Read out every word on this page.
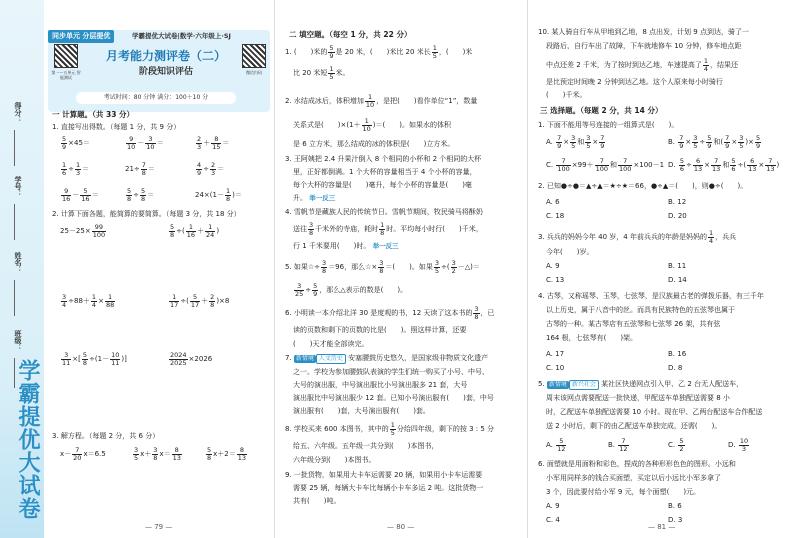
得分：
学号：
姓名：
班级：
学霸提优大试卷
同步单元 分层提优	学霸提优大试卷|数学·六年级上·SJ
第一～五单元 智能测试
微信扫码
月考能力测评卷（二）
阶段知识评估
考试时间：80 分钟 满分：100＋10 分
一 计算题。（共 33 分）
1. 直接写出得数。（每题 1 分，共 9 分）
$\frac{5}{9} \times 45=$	$\frac{9}{10} - \frac{3}{10}$ ＝	$\frac{2}{3} + \frac{8}{15}$ ＝
$\frac{1}{6} \div \frac{1}{3}$ ＝	$21\div \frac{7}{8}$ ＝	$\frac{4}{9} \div \frac{2}{3}$ ＝
$\frac{9}{16} - \frac{5}{16}$ ＝	$\frac{5}{8} \div \frac{5}{8}$ ＝	$24\times(1- \frac{1}{8}$ )＝
2. 计算下面各题，能简算的要简算。（每题 3 分，共 18 分）
$25-25\times \frac{99}{100}$	$\frac{5}{8}$ ÷( $\frac{1}{16} + \frac{1}{24}$ )
$\frac{3}{4} \div 88+ \frac{1}{4} \times \frac{1}{88}$	$\frac{1}{17}$ ÷( $\frac{5}{17} + \frac{2}{8} )\times 8$
$\frac{3}{11}$ ×[ $\frac{5}{8} \div(1- \frac{10}{11}$ )]	$\frac{2024}{2025} \times 2026$
3. 解方程。（每题 2 分，共 6 分）
$x- \frac{7}{20} x=6.5$	$\frac{3}{5} x+ \frac{3}{8} x= \frac{8}{13}$	$\frac{5}{8} x+2= \frac{8}{13}$
— 79 —
二 填空题。（每空 1 分，共 22 分）
1. (　　)米的 $\frac{5}{9}$ 是 20 米，(　　)米比 20 米长 $\frac{1}{5}$ ，(　　)米
比 20 米短 $\frac{1}{5}$ 米。
2. 水结成冰后，体积增加 $\frac{1}{10}$ ，是把(　　)看作单位“1”，数量
关系式是(　　)$\times(1+ \frac{1}{10}$ )＝(　　)。如果水的体积
是 6 立方米，那么结成的冰的体积是(　　)立方米。
3. 王阿姨把 2.4 升果汁倒入 8 个相同的小杯和 2 个相同的大杯
里，正好都倒满。1 个大杯的容量相当于 4 个小杯的容量，
每个大杯的容量是(　　)毫升，每个小杯的容量是(　　)毫
升。 举一反三
4. 雪帆节是藏族人民的传统节日。雪帆节期间，牧民骑马将酥奶
送往 $\frac{3}{8}$ 千米外的寺庙，耗时 $\frac{1}{8}$ 时。平均每小时行(　　)千米，
行 1 千米要用(　　)时。 举一反三
5. 如果☆÷ $\frac{3}{8} =96$，那么☆× $\frac{3}{8}$ ＝(　　)。如果 $\frac{3}{5}$ ÷( $\frac{3}{2}$ －△)＝
$\frac{3}{25} \div \frac{5}{9}$ ，那么△表示的数是(　　)。
6. 小明读一本介绍北洋 30 是度观的书，12 天读了这本书的 $\frac{3}{8}$ ，已
读的页数和剩下的页数的比是(　　)。照这样计算，还要
(　　)天才能全部读完。
7. 新情境 人文历史 安塞腰鼓历史悠久，是国家级非物质文化遗产
之一。学校为参加腰鼓队表演的学生们统一购买了小号、中号、
大号的演出服，中号演出服比小号演出服多 21 套，大号
演出服比中号演出服少 12 套。已知小号演出服有(　　)套，中号
演出服有(　　)套，大号演出服有(　　)套。
8. 学校买来 600 本图书，其中的 $\frac{1}{5}$ 分给四年级，剩下的按 3 : 5 分
给五、六年级。五年级一共分到(　　)本图书，
六年级分到(　　)本图书。
9. 一批货物，如果用大卡车运需要 20 辆，如果用小卡车运需要
需要 25 辆，每辆大卡车比每辆小卡车多运 2 吨。这批货物一
共有(　　)吨。
— 80 —
10. 某人骑自行车从甲地到乙地，8 点出发，计划 9 点到达，骑了一
段路后，自行车出了故障，下车就地修车 10 分钟，修车地点距
中点还差 2 千米，为了按时到达乙地，车速提高了 $\frac{1}{4}$ ，结果还
是比预定时间晚 2 分钟到达乙地。这个人原来每小时骑行
(　　)千米。
三 选择题。（每题 2 分，共 14 分）
1. 下面不能用等号连接的一组算式是(　　)。
A. $\frac{7}{9} \times \frac{3}{5}$ 和 $\frac{3}{5} \times \frac{7}{9}$	B. $\frac{7}{9} \times \frac{3}{5} \div \frac{5}{9}$ 和( $\frac{7}{9} \times \frac{3}{5}$ )× $\frac{5}{9}$
C. $\frac{7}{100} \times 99+ \frac{7}{100}$ 和 $\frac{7}{100} \times 100-1$ D. $\frac{5}{6} \div \frac{6}{13} \times \frac{7}{13}$ 和 $\frac{5}{6}$ ÷( $\frac{6}{13} \times \frac{7}{13}$ )
2. 已知●÷●＝▲÷▲＝★÷★＝66，●÷▲＝(　　)，则●÷(　　)。
A. 6	B. 12
C. 18	D. 20
3. 兵兵的妈妈今年 40 岁，4 年前兵兵的年龄是妈妈的 $\frac{1}{4}$ ，兵兵
今年(　　)岁。
A. 9	B. 11
C. 13	D. 14
4. 古琴，又称瑶琴、玉琴，七弦琴，是汉族最古老的弹拨乐器，有三千年
以上历史，属于八音中的丝。而具有民族特色的五弦琴也属于
古琴的一种。某古琴店有五弦琴和七弦琴 26 架，共有弦
164 根，七弦琴有(　　)架。
A. 17	B. 16
C. 10	D. 8
5. 新情境 新兴社会 某社区快递网点引入甲、乙 2 台无人配送车，
周末该网点需要配送一批快递，甲配送车单独配送需要 8 小
时，乙配送车单独配送需要 10 小时。现在甲、乙两台配送车合作配送
送 2 小时后，剩下的由乙配送车单独完成，还需(　　)。
A. $\frac{5}{12}$	B. $\frac{7}{12}$	C. $\frac{5}{2}$	D. $\frac{10}{3}$
6. 面塑就是用面粉和彩色，捏成的各种形形色色的图形。小远和
小军用同样多的钱合买面塑，买定以后小远比小军多拿了
3 个，因此要付给小军 9 元，每个面塑(　　)元。
A. 9	B. 6
C. 4	D. 3
— 81 —
